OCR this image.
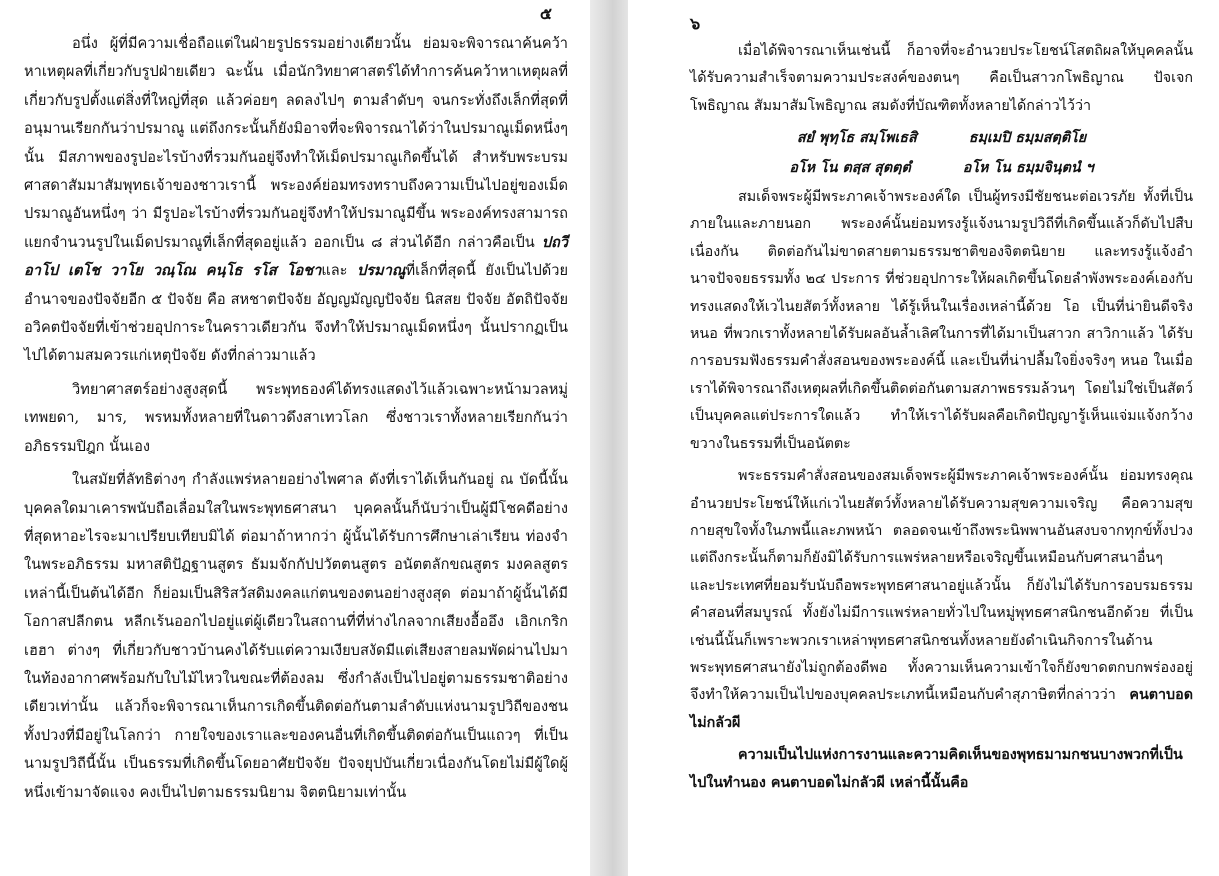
๕

อนึ่ง ผู้ที่มีความเชื่อถือแต่ในฝ่ายรูปธรรมอย่างเดียวนั้น ย่อมจะพิจารณาค้นคว้าหาเหตุผลที่เกี่ยวกับรูปฝ่ายเดียว ฉะนั้น เมื่อนักวิทยาศาสตร์ได้ทำการค้นคว้าหาเหตุผลที่เกี่ยวกับรูปตั้งแต่สิ่งที่ใหญ่ที่สุด แล้วค่อยๆ ลดลงไปๆ ตามลำดับๆ จนกระทั่งถึงเล็กที่สุดที่อนุมานเรียกกันว่าปรมาณู แต่ถึงกระนั้นก็ยังมิอาจที่จะพิจารณาได้ว่าในปรมาณูเม็ดหนึ่งๆ นั้น มีสภาพของรูปอะไรบ้างที่รวมกันอยู่จึงทำให้เม็ดปรมาณูเกิดขึ้นได้ สำหรับพระบรมศาสดาสัมมาสัมพุทธเจ้าของชาวเรานี้ พระองค์ย่อมทรงทราบถึงความเป็นไปอยู่ของเม็ดปรมาณูอันหนึ่งๆ ว่า มีรูปอะไรบ้างที่รวมกันอยู่จึงทำให้ปรมาณูมีขึ้น พระองค์ทรงสามารถแยกจำนวนรูปในเม็ดปรมาณูที่เล็กที่สุดอยู่แล้ว ออกเป็น ๘ ส่วนได้อีก กล่าวคือเป็น ปถวี อาโป เตโช วาโย วณฺโณ คนฺโธ รโส โอชาและ ปรมาณูที่เล็กที่สุดนี้ ยังเป็นไปด้วยอำนาจของปัจจัยอีก ๕ ปัจจัย คือ สหชาตปัจจัย อัญญมัญญปัจจัย นิสสย ปัจจัย อัตถิปัจจัย อวิคตปัจจัยที่เข้าช่วยอุปการะในคราวเดียวกัน จึงทำให้ปรมาณูเม็ดหนึ่งๆ นั้นปรากฏเป็นไปได้ตามสมควรแก่เหตุปัจจัย ดังที่กล่าวมาแล้ว

วิทยาศาสตร์อย่างสูงสุดนี้ พระพุทธองค์ได้ทรงแสดงไว้แล้วเฉพาะหน้ามวลหมู่เทพยดา, มาร, พรหมทั้งหลายที่ในดาวดึงสาเทวโลก ซึ่งชาวเราทั้งหลายเรียกกันว่า อภิธรรมปิฎก นั้นเอง

ในสมัยที่ลัทธิต่างๆ กำลังแพร่หลายอย่างไพศาล ดังที่เราได้เห็นกันอยู่ ณ บัดนี้นั้น บุคคลใดมาเคารพนับถือเลื่อมใสในพระพุทธศาสนา บุคคลนั้นก็นับว่าเป็นผู้มีโชคดีอย่างที่สุดหาอะไรจะมาเปรียบเทียบมิได้ ต่อมาถ้าหากว่า ผู้นั้นได้รับการศึกษาเล่าเรียน ท่องจำ ในพระอภิธรรม มหาสติปัฏฐานสูตร ธัมมจักกัปปวัตตนสูตร อนัตตลักขณสูตร มงคลสูตร เหล่านี้เป็นต้นได้อีก ก็ย่อมเป็นสิริสวัสดิมงคลแก่ตนของตนอย่างสูงสุด ต่อมาถ้าผู้นั้นได้มีโอกาสปลีกตน หลีกเร้นออกไปอยู่แต่ผู้เดียวในสถานที่ที่ห่างไกลจากเสียงอื้ออึง เอิกเกริก เฮฮา ต่างๆ ที่เกี่ยวกับชาวบ้านคงได้รับแต่ความเงียบสงัดมีแต่เสียงสายลมพัดผ่านไปมา ในท้องอากาศพร้อมกับใบไม้ไหวในขณะที่ต้องลม ซึ่งกำลังเป็นไปอยู่ตามธรรมชาติอย่างเดียวเท่านั้น แล้วก็จะพิจารณาเห็นการเกิดขึ้นติดต่อกันตามลำดับแห่งนามรูปวิถีของชนทั้งปวงที่มีอยู่ในโลกว่า กายใจของเราและของคนอื่นที่เกิดขึ้นติดต่อกันเป็นแถวๆ ที่เป็นนามรูปวิถีนี้นั้น เป็นธรรมที่เกิดขึ้นโดยอาศัยปัจจัย ปัจจยุปบันเกี่ยวเนื่องกันโดยไม่มีผู้ใดผู้หนึ่งเข้ามาจัดแจง คงเป็นไปตามธรรมนิยาม จิตตนิยามเท่านั้น

๖

เมื่อได้พิจารณาเห็นเช่นนี้ ก็อาจที่จะอำนวยประโยชน์โสตถิผลให้บุคคลนั้นได้รับความสำเร็จตามความประสงค์ของตนๆ คือเป็นสาวกโพธิญาณ ปัจเจกโพธิญาณ สัมมาสัมโพธิญาณ สมดังที่บัณฑิตทั้งหลายได้กล่าวไว้ว่า

สยํ พุทฺโธ สมฺโพเธสิ	ธมฺเมปิ ธมฺมสตฺติโย
อโห โน ตสฺส สุตตฺตํ	อโห โน ธมฺมจินฺตนํ ฯ

สมเด็จพระผู้มีพระภาคเจ้าพระองค์ใด เป็นผู้ทรงมีชัยชนะต่อเวรภัย ทั้งที่เป็นภายในและภายนอก พระองค์นั้นย่อมทรงรู้แจ้งนามรูปวิถีที่เกิดขึ้นแล้วก็ดับไปสืบเนื่องกัน ติดต่อกันไม่ขาดสายตามธรรมชาติของจิตตนิยาย และทรงรู้แจ้งอำนาจปัจจยธรรมทั้ง ๒๔ ประการ ที่ช่วยอุปการะให้ผลเกิดขึ้นโดยลำพังพระองค์เองกับทรงแสดงให้เวไนยสัตว์ทั้งหลาย ได้รู้เห็นในเรื่องเหล่านี้ด้วย โอ เป็นที่น่ายินดีจริงหนอ ที่พวกเราทั้งหลายได้รับผลอันล้ำเลิศในการที่ได้มาเป็นสาวก สาวิกาแล้ว ได้รับการอบรมฟังธรรมคำสั่งสอนของพระองค์นี้ และเป็นที่น่าปลื้มใจยิ่งจริงๆ หนอ ในเมื่อเราได้พิจารณาถึงเหตุผลที่เกิดขึ้นติดต่อกันตามสภาพธรรมล้วนๆ โดยไม่ใช่เป็นสัตว์เป็นบุคคลแต่ประการใดแล้ว ทำให้เราได้รับผลคือเกิดปัญญารู้เห็นแจ่มแจ้งกว้างขวางในธรรมที่เป็นอนัตตะ

พระธรรมคำสั่งสอนของสมเด็จพระผู้มีพระภาคเจ้าพระองค์นั้น ย่อมทรงคุณอำนวยประโยชน์ให้แก่เวไนยสัตว์ทั้งหลายได้รับความสุขความเจริญ คือความสุขกายสุขใจทั้งในภพนี้และภพหน้า ตลอดจนเข้าถึงพระนิพพานอันสงบจากทุกข์ทั้งปวง แต่ถึงกระนั้นก็ตามก็ยังมิได้รับการแพร่หลายหรือเจริญขึ้นเหมือนกับศาสนาอื่นๆ และประเทศที่ยอมรับนับถือพระพุทธศาสนาอยู่แล้วนั้น ก็ยังไม่ได้รับการอบรมธรรมคำสอนที่สมบูรณ์ ทั้งยังไม่มีการแพร่หลายทั่วไปในหมู่พุทธศาสนิกชนอีกด้วย ที่เป็นเช่นนี้นั้นก็เพราะพวกเราเหล่าพุทธศาสนิกชนทั้งหลายยังดำเนินกิจการในด้านพระพุทธศาสนายังไม่ถูกต้องดีพอ ทั้งความเห็นความเข้าใจก็ยังขาดตกบกพร่องอยู่ จึงทำให้ความเป็นไปของบุคคลประเภทนี้เหมือนกับคำสุภาษิตที่กล่าวว่า คนตาบอดไม่กลัวผี

ความเป็นไปแห่งการงานและความคิดเห็นของพุทธมามกชนบางพวกที่เป็นไปในทำนอง คนตาบอดไม่กลัวผี เหล่านี้นั้นคือ
